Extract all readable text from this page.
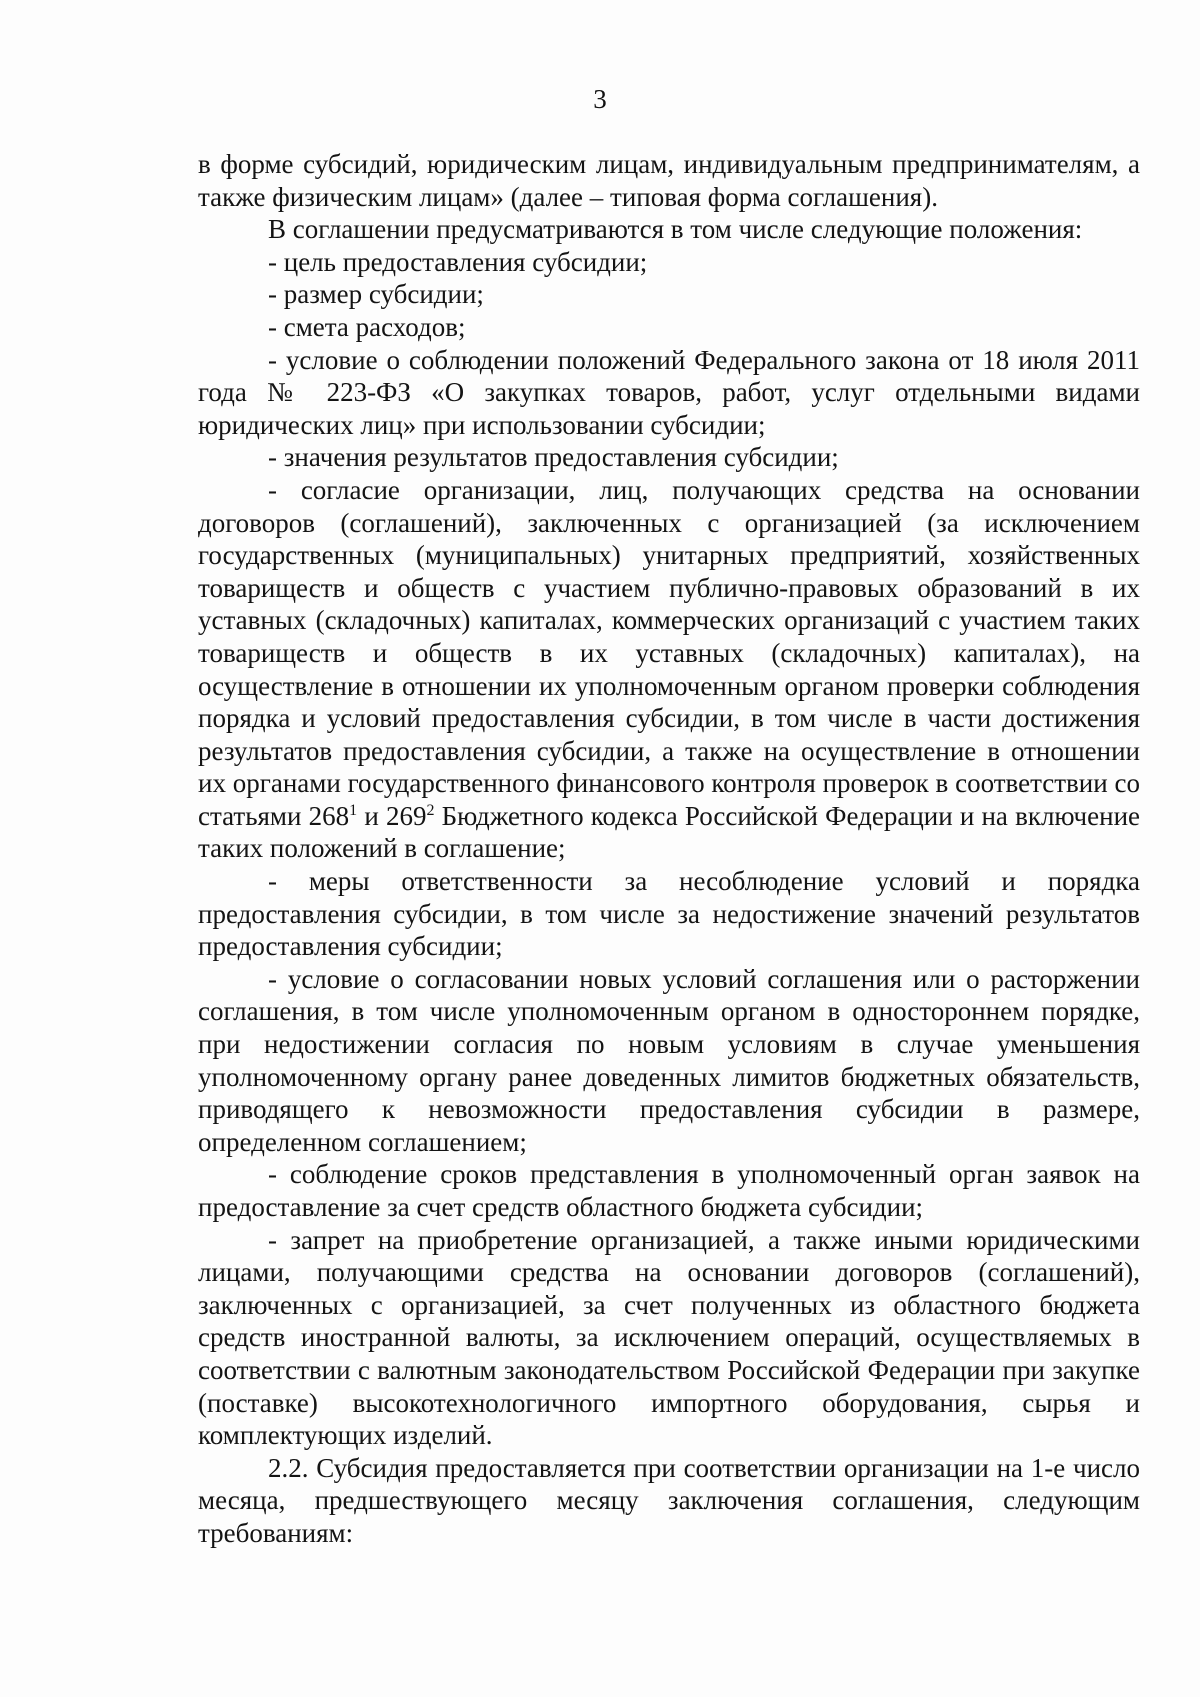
3

в форме субсидий, юридическим лицам, индивидуальным предпринимателям, а также физическим лицам» (далее – типовая форма соглашения).

В соглашении предусматриваются в том числе следующие положения:

- цель предоставления субсидии;

- размер субсидии;

- смета расходов;

- условие о соблюдении положений Федерального закона от 18 июля 2011 года № 223-ФЗ «О закупках товаров, работ, услуг отдельными видами юридических лиц» при использовании субсидии;

- значения результатов предоставления субсидии;

- согласие организации, лиц, получающих средства на основании договоров (соглашений), заключенных с организацией (за исключением государственных (муниципальных) унитарных предприятий, хозяйственных товариществ и обществ с участием публично-правовых образований в их уставных (складочных) капиталах, коммерческих организаций с участием таких товариществ и обществ в их уставных (складочных) капиталах), на осуществление в отношении их уполномоченным органом проверки соблюдения порядка и условий предоставления субсидии, в том числе в части достижения результатов предоставления субсидии, а также на осуществление в отношении их органами государственного финансового контроля проверок в соответствии со статьями $268^1$ и $269^2$ Бюджетного кодекса Российской Федерации и на включение таких положений в соглашение;

- меры ответственности за несоблюдение условий и порядка предоставления субсидии, в том числе за недостижение значений результатов предоставления субсидии;

- условие о согласовании новых условий соглашения или о расторжении соглашения, в том числе уполномоченным органом в одностороннем порядке, при недостижении согласия по новым условиям в случае уменьшения уполномоченному органу ранее доведенных лимитов бюджетных обязательств, приводящего к невозможности предоставления субсидии в размере, определенном соглашением;

- соблюдение сроков представления в уполномоченный орган заявок на предоставление за счет средств областного бюджета субсидии;

- запрет на приобретение организацией, а также иными юридическими лицами, получающими средства на основании договоров (соглашений), заключенных с организацией, за счет полученных из областного бюджета средств иностранной валюты, за исключением операций, осуществляемых в соответствии с валютным законодательством Российской Федерации при закупке (поставке) высокотехнологичного импортного оборудования, сырья и комплектующих изделий.

2.2. Субсидия предоставляется при соответствии организации на 1-е число месяца, предшествующего месяцу заключения соглашения, следующим требованиям:
